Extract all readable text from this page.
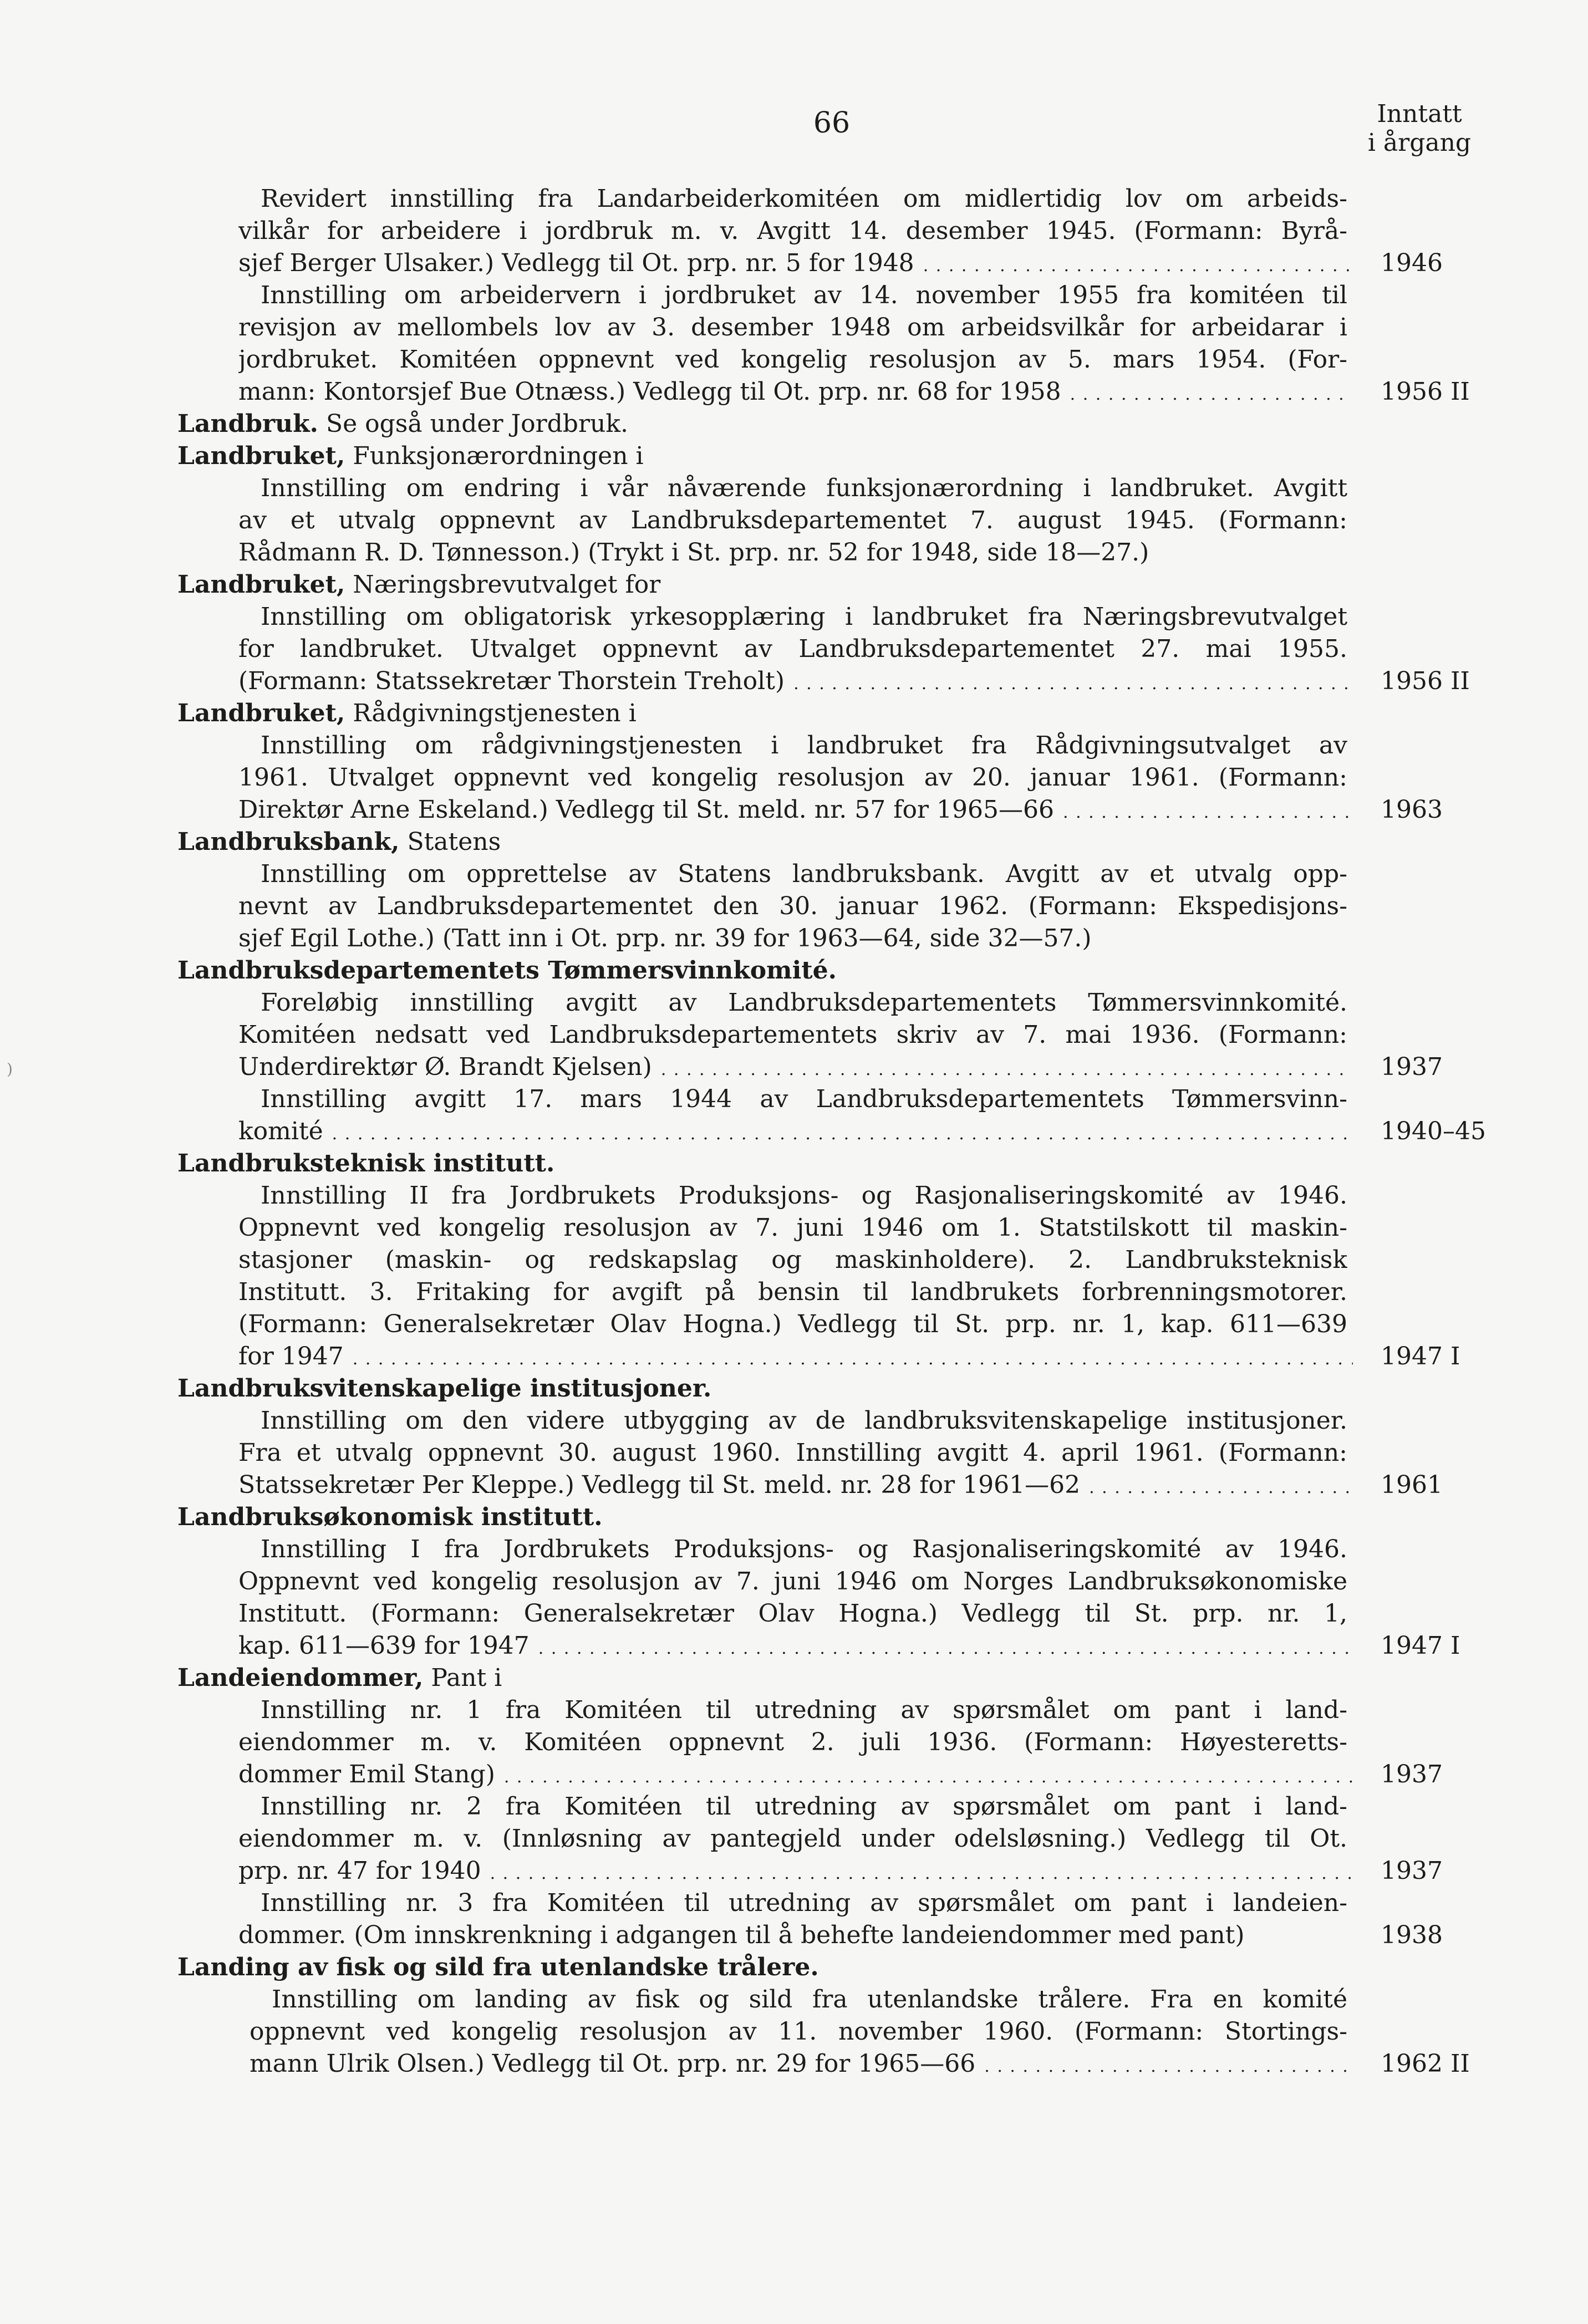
66	Inntatt
i årgang
Revidert innstilling fra Landarbeiderkomitéen om midlertidig lov om arbeids-
vilkår for arbeidere i jordbruk m. v. Avgitt 14. desember 1945. (Formann: Byrå-
sjef Berger Ulsaker.) Vedlegg til Ot. prp. nr. 5 for 1948 . . .	1946
Innstilling om arbeidervern i jordbruket av 14. november 1955 fra komitéen til
revisjon av mellombels lov av 3. desember 1948 om arbeidsvilkår for arbeidarar i
jordbruket. Komitéen oppnevnt ved kongelig resolusjon av 5. mars 1954. (For-
mann: Kontorsjef Bue Otnæss.) Vedlegg til Ot. prp. nr. 68 for 1958 . . .	1956 II
Landbruk. Se også under Jordbruk.
Landbruket, Funksjonærordningen i
Innstilling om endring i vår nåværende funksjonærordning i landbruket. Avgitt
av et utvalg oppnevnt av Landbruksdepartementet 7. august 1945. (Formann:
Rådmann R. D. Tønnesson.) (Trykt i St. prp. nr. 52 for 1948, side 18—27.)
Landbruket, Næringsbrevutvalget for
Innstilling om obligatorisk yrkesopplæring i landbruket fra Næringsbrevutvalget
for landbruket. Utvalget oppnevnt av Landbruksdepartementet 27. mai 1955.
(Formann: Statssekretær Thorstein Treholt) . . .	1956 II
Landbruket, Rådgivningstjenesten i
Innstilling om rådgivningstjenesten i landbruket fra Rådgivningsutvalget av
1961. Utvalget oppnevnt ved kongelig resolusjon av 20. januar 1961. (Formann:
Direktør Arne Eskeland.) Vedlegg til St. meld. nr. 57 for 1965—66 . . .	1963
Landbruksbank, Statens
Innstilling om opprettelse av Statens landbruksbank. Avgitt av et utvalg opp-
nevnt av Landbruksdepartementet den 30. januar 1962. (Formann: Ekspedisjons-
sjef Egil Lothe.) (Tatt inn i Ot. prp. nr. 39 for 1963—64, side 32—57.)
Landbruksdepartementets Tømmersvinnkomité.
Foreløbig innstilling avgitt av Landbruksdepartementets Tømmersvinnkomité.
Komitéen nedsatt ved Landbruksdepartementets skriv av 7. mai 1936. (Formann:
Underdirektør Ø. Brandt Kjelsen) . . .	1937
Innstilling avgitt 17. mars 1944 av Landbruksdepartementets Tømmersvinn-
komité . . .	1940–45
Landbruksteknisk institutt.
Innstilling II fra Jordbrukets Produksjons- og Rasjonaliseringskomité av 1946.
Oppnevnt ved kongelig resolusjon av 7. juni 1946 om 1. Statstilskott til maskin-
stasjoner (maskin- og redskapslag og maskinholdere). 2. Landbruksteknisk
Institutt. 3. Fritaking for avgift på bensin til landbrukets forbrenningsmotorer.
(Formann: Generalsekretær Olav Hogna.) Vedlegg til St. prp. nr. 1, kap. 611—639
for 1947 . . .	1947 I
Landbruksvitenskapelige institusjoner.
Innstilling om den videre utbygging av de landbruksvitenskapelige institusjoner.
Fra et utvalg oppnevnt 30. august 1960. Innstilling avgitt 4. april 1961. (Formann:
Statssekretær Per Kleppe.) Vedlegg til St. meld. nr. 28 for 1961—62 . . .	1961
Landbruksøkonomisk institutt.
Innstilling I fra Jordbrukets Produksjons- og Rasjonaliseringskomité av 1946.
Oppnevnt ved kongelig resolusjon av 7. juni 1946 om Norges Landbruksøkonomiske
Institutt. (Formann: Generalsekretær Olav Hogna.) Vedlegg til St. prp. nr. 1,
kap. 611—639 for 1947 . . .	1947 I
Landeiendommer, Pant i
Innstilling nr. 1 fra Komitéen til utredning av spørsmålet om pant i land-
eiendommer m. v. Komitéen oppnevnt 2. juli 1936. (Formann: Høyesteretts-
dommer Emil Stang) . . .	1937
Innstilling nr. 2 fra Komitéen til utredning av spørsmålet om pant i land-
eiendommer m. v. (Innløsning av pantegjeld under odelsløsning.) Vedlegg til Ot.
prp. nr. 47 for 1940 . . .	1937
Innstilling nr. 3 fra Komitéen til utredning av spørsmålet om pant i landeien-
dommer. (Om innskrenkning i adgangen til å behefte landeiendommer med pant)	1938
Landing av fisk og sild fra utenlandske trålere.
Innstilling om landing av fisk og sild fra utenlandske trålere. Fra en komité
oppnevnt ved kongelig resolusjon av 11. november 1960. (Formann: Stortings-
mann Ulrik Olsen.) Vedlegg til Ot. prp. nr. 29 for 1965—66 . . .	1962 II
)
